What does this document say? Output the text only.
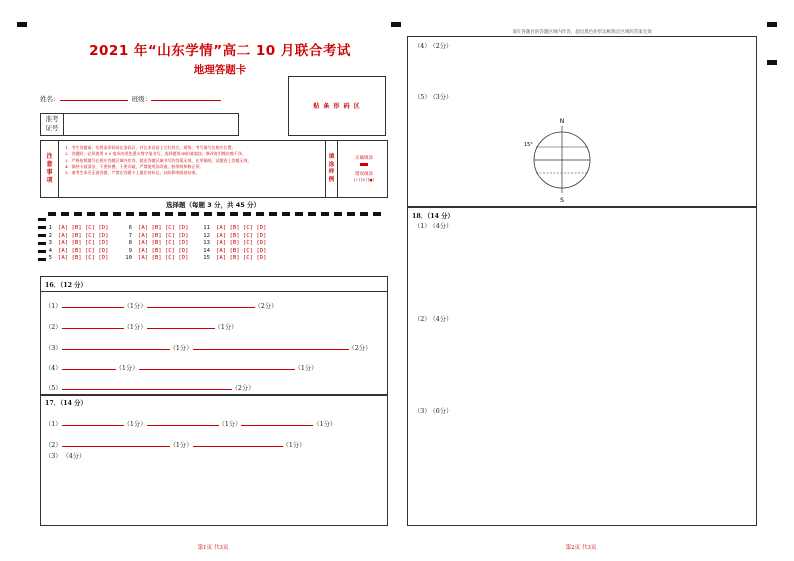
2021 年“山东学情”高二 10 月联合考试
地理答题卡
姓名：	班级：
准考
证号
贴 条 形 码 区
注
意
事
项
1．考生答题前，先将条形码贴在条码区，并在本试卷上写好姓名、班级，考号填写在相应位置。
2．答题时，必须使用 0.5 毫米的黑色墨水签字笔书写，选择题用2B铅笔填涂，修改时用橡皮擦干净。
3．严格按照题号在相应答题区域内作答，超出答题区域书写的答案无效，在草稿纸、试题卷上答题无效。
4．保持卡面清洁，不要折叠，不要弄破，严禁使用涂改液、胶带纸和修正带。
5．请考生本页正面答题，严禁在答题卡上做任何标记，以防影响阅卷结果。
填
涂
样
例
正确填涂
错误填涂
[✓] [✗] [●]
选择题（每题 3 分，共 45 分）
1 [A] [B] [C] [D]
2 [A] [B] [C] [D]
3 [A] [B] [C] [D]
4 [A] [B] [C] [D]
5 [A] [B] [C] [D]
6 [A] [B] [C] [D]
7 [A] [B] [C] [D]
8 [A] [B] [C] [D]
9 [A] [B] [C] [D]
10 [A] [B] [C] [D]
11 [A] [B] [C] [D]
12 [A] [B] [C] [D]
13 [A] [B] [C] [D]
14 [A] [B] [C] [D]
15 [A] [B] [C] [D]
16．（12 分）
（1）	（1分）	（2分）
（2）	（1分）	（1分）
（3）	（1分）	（2分）
（4）	（1分）	（1分）
（5）	（2分）
17．（14 分）
（1）	（1分）	（1分）	（1分）
（2）	（1分）	（1分）
（3） （4分）
第1页 共3页
请在各题目的答题区域内作答，超出黑色矩形边框限定区域的答案无效
（4） （2分）
（5） （3分）
N
15°
S
18．（14 分）
（1） （4分）
（2） （4分）
（3） （6分）
第2页 共3页
